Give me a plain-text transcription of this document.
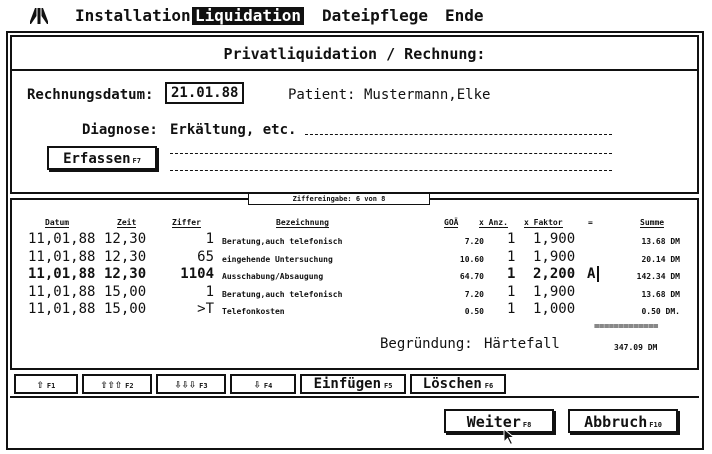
Installation Liquidation Dateipflege Ende
Privatliquidation / Rechnung:
Rechnungsdatum:	21.01.88	Patient: Mustermann,Elke
Diagnose: Erkältung, etc.
Erfassen F7
Ziffereingabe: 6 von 8
Datum	Zeit	Ziffer	Bezeichnung	GOÄ	x Anz. x Faktor	=	Summe
11,01,88 12,30	1 Beratung,auch telefonisch	7.20 1 1,900	13.68 DM
11,01,88 12,30	65 eingehende Untersuchung	10.60 1 1,900	20.14 DM
11,01,88 12,30 1104 Ausschabung/Absaugung	64.70 1 2,200 A	142.34 DM
11,01,88 15,00	1 Beratung,auch telefonisch	7.20 1 1,900	13.68 DM
11,01,88 15,00	>T Telefonkosten	0.50 1 1,000	0.50 DM.
=============
Begründung: Härtefall	347.09 DM
⇧ F1	⇧⇧⇧ F2	⇩⇩⇩ F3	⇩ F4	Einfügen F5	Löschen F6
Weiter F8	Abbruch F10
